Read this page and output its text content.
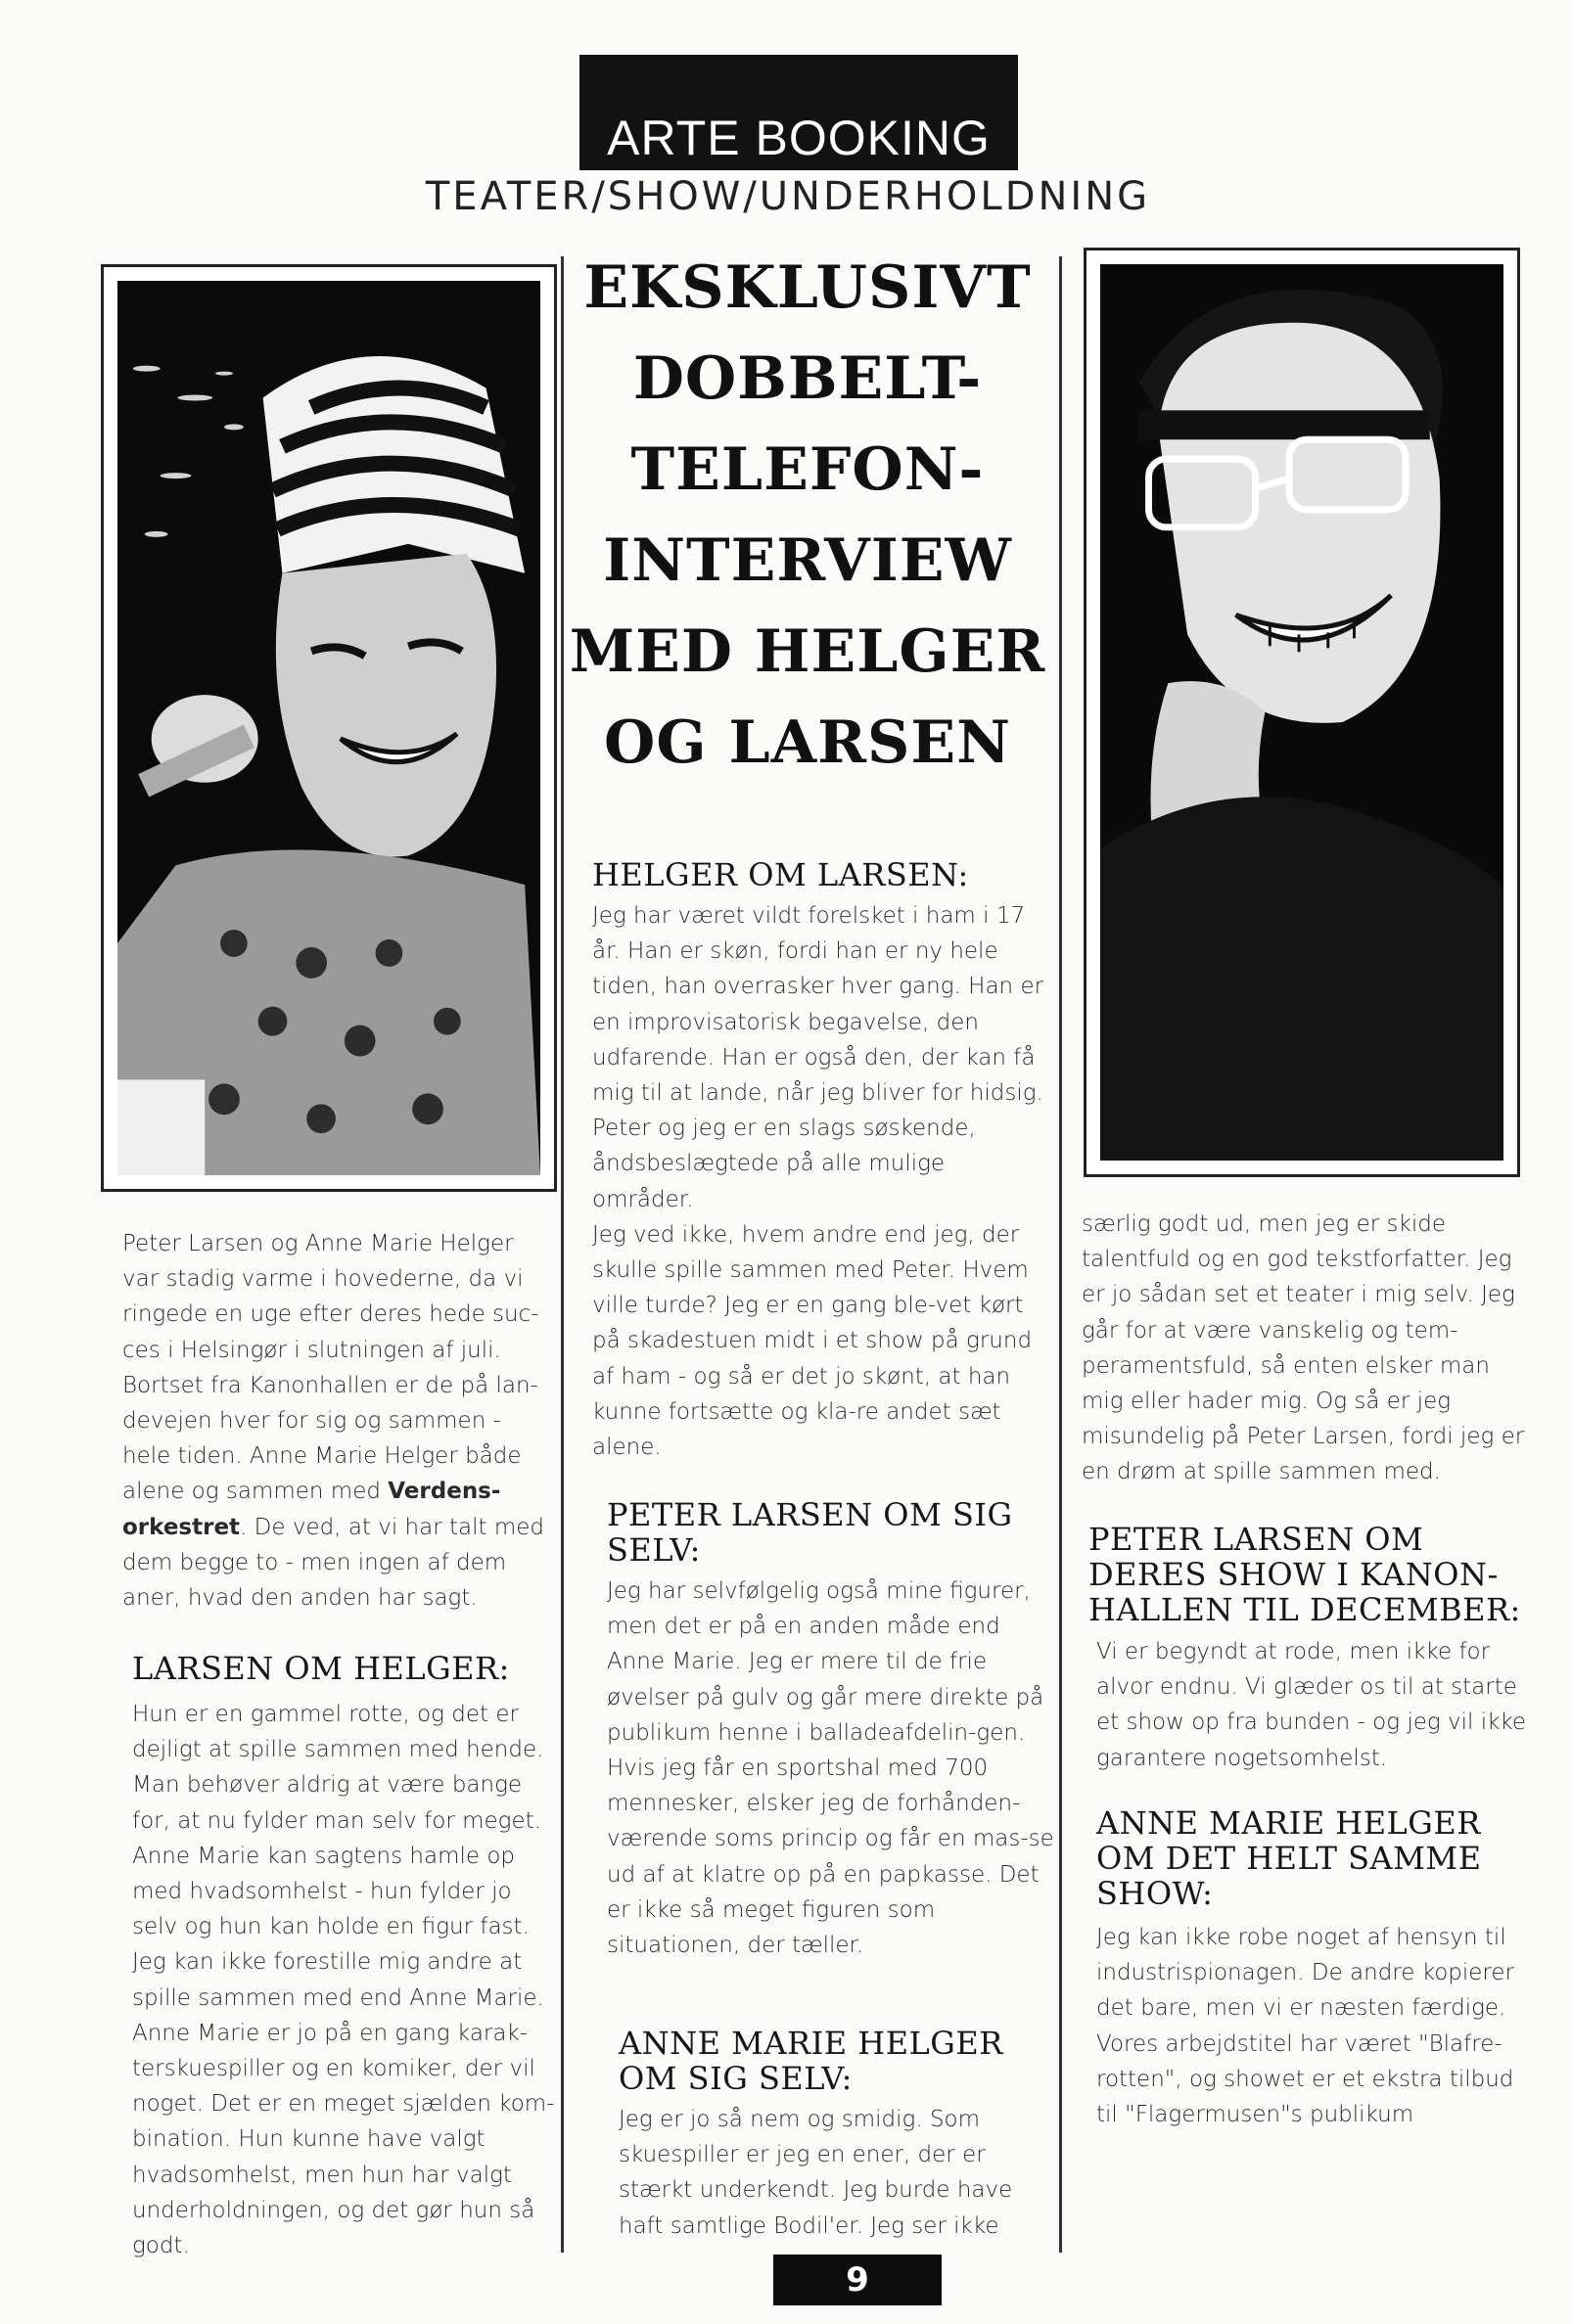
ARTE BOOKING
TEATER/SHOW/UNDERHOLDNING
EKSKLUSIVT
DOBBELT-
TELEFON-
INTERVIEW
MED HELGER
OG LARSEN

Peter Larsen og Anne Marie Helger var stadig varme i hovederne, da vi ringede en uge efter deres hede suc-ces i Helsingør i slutningen af juli. Bortset fra Kanonhallen er de på lan-devejen hver for sig og sammen - hele tiden. Anne Marie Helger både alene og sammen med Verdens-orkestret. De ved, at vi har talt med dem begge to - men ingen af dem aner, hvad den anden har sagt.

LARSEN OM HELGER:

Hun er en gammel rotte, og det er dejligt at spille sammen med hende. Man behøver aldrig at være bange for, at nu fylder man selv for meget. Anne Marie kan sagtens hamle op med hvadsomhelst - hun fylder jo selv og hun kan holde en figur fast. Jeg kan ikke forestille mig andre at spille sammen med end Anne Marie. Anne Marie er jo på en gang karak-terskuespiller og en komiker, der vil noget. Det er en meget sjælden kom-bination. Hun kunne have valgt hvadsomhelst, men hun har valgt underholdningen, og det gør hun så godt.

HELGER OM LARSEN:

Jeg har været vildt forelsket i ham i 17 år. Han er skøn, fordi han er ny hele tiden, han overrasker hver gang. Han er en improvisatorisk begavelse, den udfarende. Han er også den, der kan få mig til at lande, når jeg bliver for hidsig. Peter og jeg er en slags søskende, åndsbeslægtede på alle mulige områder.

Jeg ved ikke, hvem andre end jeg, der skulle spille sammen med Peter. Hvem ville turde? Jeg er en gang ble-vet kørt på skadestuen midt i et show på grund af ham - og så er det jo skønt, at han kunne fortsætte og kla-re andet sæt alene.

PETER LARSEN OM SIG SELV:

Jeg har selvfølgelig også mine figurer, men det er på en anden måde end Anne Marie. Jeg er mere til de frie øvelser på gulv og går mere direkte på publikum henne i balladeafdelin-gen.

Hvis jeg får en sportshal med 700 mennesker, elsker jeg de forhånden-værende soms princip og får en mas-se ud af at klatre op på en papkasse. Det er ikke så meget figuren som situationen, der tæller.

ANNE MARIE HELGER OM SIG SELV:

Jeg er jo så nem og smidig. Som skuespiller er jeg en ener, der er stærkt underkendt. Jeg burde have haft samtlige Bodil'er. Jeg ser ikke

særlig godt ud, men jeg er skide talentfuld og en god tekstforfatter. Jeg er jo sådan set et teater i mig selv. Jeg går for at være vanskelig og tem-peramentsfuld, så enten elsker man mig eller hader mig. Og så er jeg misundelig på Peter Larsen, fordi jeg er en drøm at spille sammen med.

PETER LARSEN OM DERES SHOW I KANON-HALLEN TIL DECEMBER:

Vi er begyndt at rode, men ikke for alvor endnu. Vi glæder os til at starte et show op fra bunden - og jeg vil ikke garantere nogetsomhelst.

ANNE MARIE HELGER OM DET HELT SAMME SHOW:

Jeg kan ikke robe noget af hensyn til industrispionagen. De andre kopierer det bare, men vi er næsten færdige. Vores arbejdstitel har været "Blafre-rotten", og showet er et ekstra tilbud til "Flagermusen"s publikum

9
